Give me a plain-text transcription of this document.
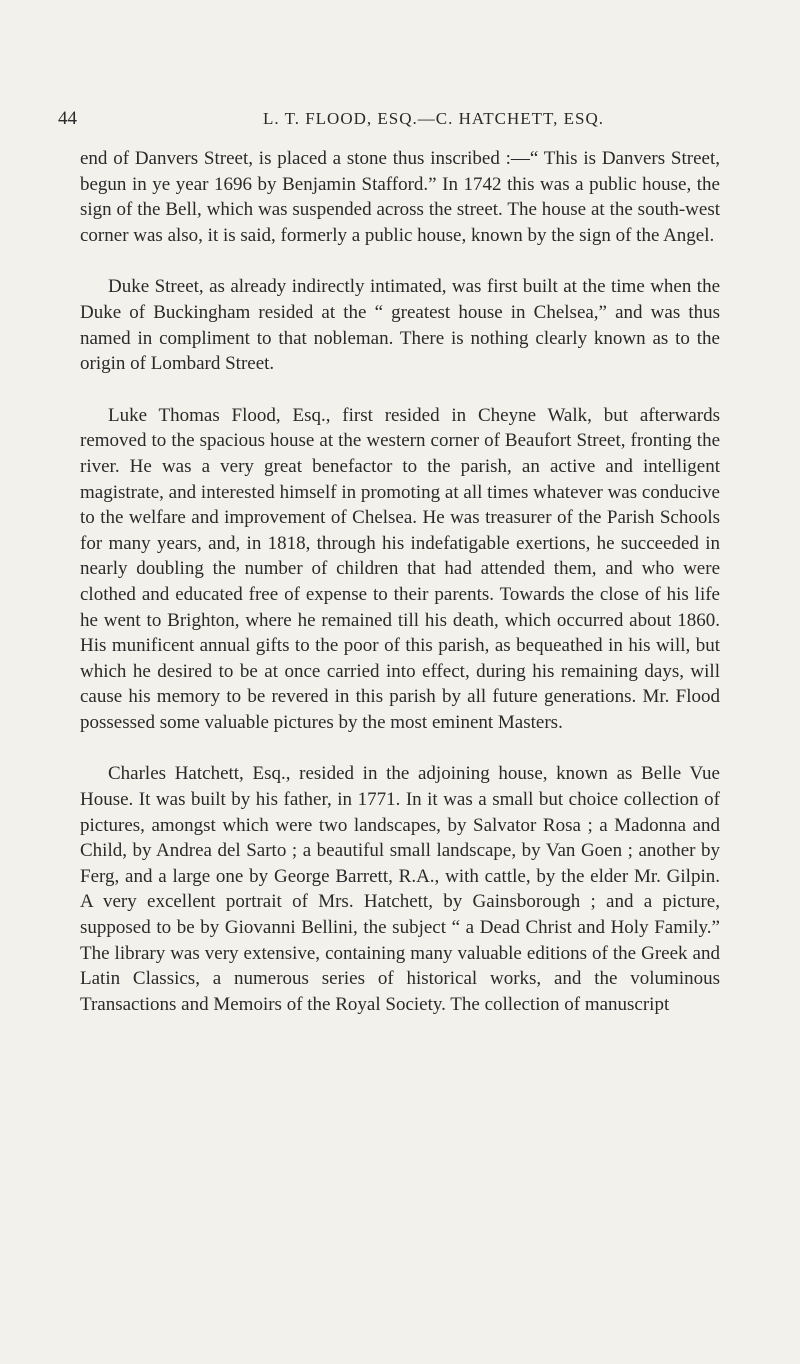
44	L. T. FLOOD, ESQ.—C. HATCHETT, ESQ.

end of Danvers Street, is placed a stone thus inscribed :—“ This is Danvers Street, begun in ye year 1696 by Benjamin Stafford.” In 1742 this was a public house, the sign of the Bell, which was suspended across the street. The house at the south-west corner was also, it is said, formerly a public house, known by the sign of the Angel.

Duke Street, as already indirectly intimated, was first built at the time when the Duke of Buckingham resided at the “ greatest house in Chelsea,” and was thus named in compliment to that nobleman. There is nothing clearly known as to the origin of Lombard Street.

Luke Thomas Flood, Esq., first resided in Cheyne Walk, but afterwards removed to the spacious house at the western corner of Beaufort Street, fronting the river. He was a very great benefactor to the parish, an active and intelligent magistrate, and interested himself in promoting at all times whatever was conducive to the welfare and improvement of Chelsea. He was treasurer of the Parish Schools for many years, and, in 1818, through his indefatigable exertions, he succeeded in nearly doubling the number of children that had attended them, and who were clothed and educated free of expense to their parents. Towards the close of his life he went to Brighton, where he remained till his death, which occurred about 1860. His munificent annual gifts to the poor of this parish, as bequeathed in his will, but which he desired to be at once carried into effect, during his remaining days, will cause his memory to be revered in this parish by all future generations. Mr. Flood possessed some valuable pictures by the most eminent Masters.

Charles Hatchett, Esq., resided in the adjoining house, known as Belle Vue House. It was built by his father, in 1771. In it was a small but choice collection of pictures, amongst which were two landscapes, by Salvator Rosa ; a Madonna and Child, by Andrea del Sarto ; a beautiful small landscape, by Van Goen ; another by Ferg, and a large one by George Barrett, R.A., with cattle, by the elder Mr. Gilpin. A very excellent portrait of Mrs. Hatchett, by Gainsborough ; and a picture, supposed to be by Giovanni Bellini, the subject “ a Dead Christ and Holy Family.” The library was very extensive, containing many valuable editions of the Greek and Latin Classics, a numerous series of historical works, and the voluminous Transactions and Memoirs of the Royal Society. The collection of manuscript
